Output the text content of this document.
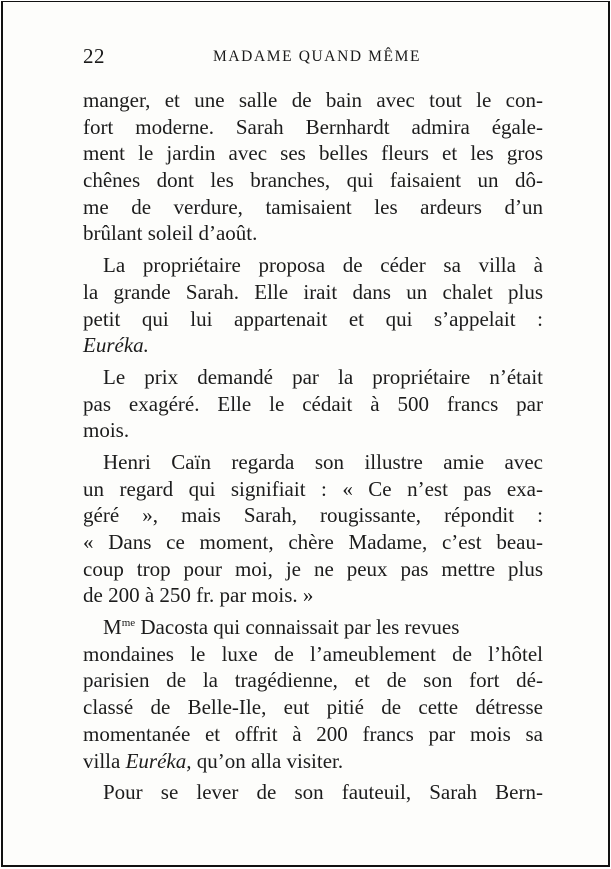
22	MADAME QUAND MÊME
manger, et une salle de bain avec tout le con-
fort moderne. Sarah Bernhardt admira égale-
ment le jardin avec ses belles fleurs et les gros
chênes dont les branches, qui faisaient un dô-
me de verdure, tamisaient les ardeurs d’un
brûlant soleil d’août.
La propriétaire proposa de céder sa villa à
la grande Sarah. Elle irait dans un chalet plus
petit qui lui appartenait et qui s’appelait :
Euréka.
Le prix demandé par la propriétaire n’était
pas exagéré. Elle le cédait à 500 francs par
mois.
Henri Caïn regarda son illustre amie avec
un regard qui signifiait : « Ce n’est pas exa-
géré », mais Sarah, rougissante, répondit :
« Dans ce moment, chère Madame, c’est beau-
coup trop pour moi, je ne peux pas mettre plus
de 200 à 250 fr. par mois. »
$M^{me}$ Dacosta qui connaissait par les revues
mondaines le luxe de l’ameublement de l’hôtel
parisien de la tragédienne, et de son fort dé-
classé de Belle-Ile, eut pitié de cette détresse
momentanée et offrit à 200 francs par mois sa
villa Euréka, qu’on alla visiter.
Pour se lever de son fauteuil, Sarah Bern-
